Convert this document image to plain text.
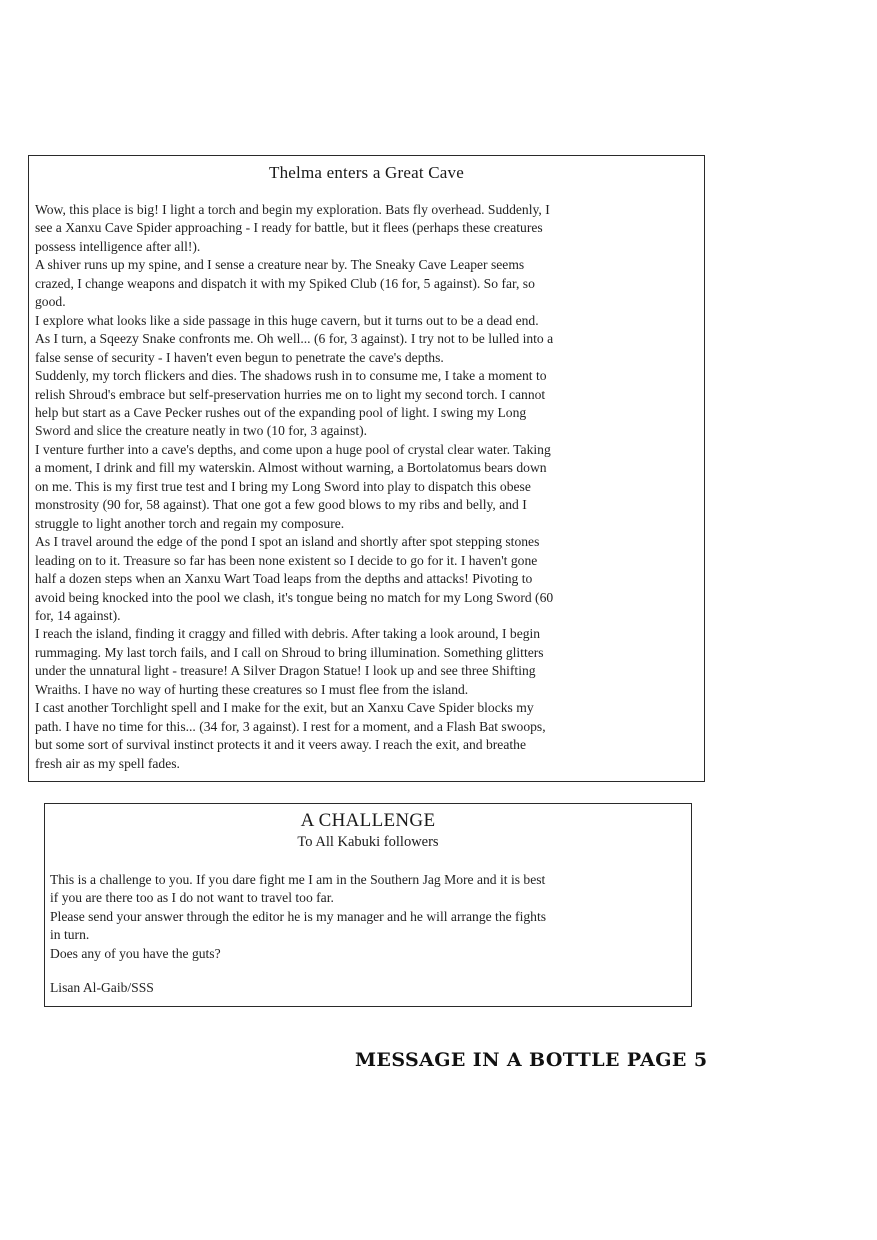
Thelma enters a Great Cave

Wow, this place is big! I light a torch and begin my exploration. Bats fly overhead. Suddenly, I

see a Xanxu Cave Spider approaching - I ready for battle, but it flees (perhaps these creatures

possess intelligence after all!).

A shiver runs up my spine, and I sense a creature near by. The Sneaky Cave Leaper seems

crazed, I change weapons and dispatch it with my Spiked Club (16 for, 5 against). So far, so

good.

I explore what looks like a side passage in this huge cavern, but it turns out to be a dead end.

As I turn, a Sqeezy Snake confronts me. Oh well... (6 for, 3 against). I try not to be lulled into a

false sense of security - I haven't even begun to penetrate the cave's depths.

Suddenly, my torch flickers and dies. The shadows rush in to consume me, I take a moment to

relish Shroud's embrace but self-preservation hurries me on to light my second torch. I cannot

help but start as a Cave Pecker rushes out of the expanding pool of light. I swing my Long

Sword and slice the creature neatly in two (10 for, 3 against).

I venture further into a cave's depths, and come upon a huge pool of crystal clear water. Taking

a moment, I drink and fill my waterskin. Almost without warning, a Bortolatomus bears down

on me. This is my first true test and I bring my Long Sword into play to dispatch this obese

monstrosity (90 for, 58 against). That one got a few good blows to my ribs and belly, and I

struggle to light another torch and regain my composure.

As I travel around the edge of the pond I spot an island and shortly after spot stepping stones

leading on to it. Treasure so far has been none existent so I decide to go for it. I haven't gone

half a dozen steps when an Xanxu Wart Toad leaps from the depths and attacks! Pivoting to

avoid being knocked into the pool we clash, it's tongue being no match for my Long Sword (60

for, 14 against).

I reach the island, finding it craggy and filled with debris. After taking a look around, I begin

rummaging. My last torch fails, and I call on Shroud to bring illumination. Something glitters

under the unnatural light - treasure! A Silver Dragon Statue! I look up and see three Shifting

Wraiths. I have no way of hurting these creatures so I must flee from the island.

I cast another Torchlight spell and I make for the exit, but an Xanxu Cave Spider blocks my

path. I have no time for this... (34 for, 3 against). I rest for a moment, and a Flash Bat swoops,

but some sort of survival instinct protects it and it veers away. I reach the exit, and breathe

fresh air as my spell fades.

A CHALLENGE
To All Kabuki followers

This is a challenge to you. If you dare fight me I am in the Southern Jag More and it is best

if you are there too as I do not want to travel too far.

Please send your answer through the editor he is my manager and he will arrange the fights

in turn.

Does any of you have the guts?

Lisan Al-Gaib/SSS
MESSAGE IN A BOTTLE PAGE 5
